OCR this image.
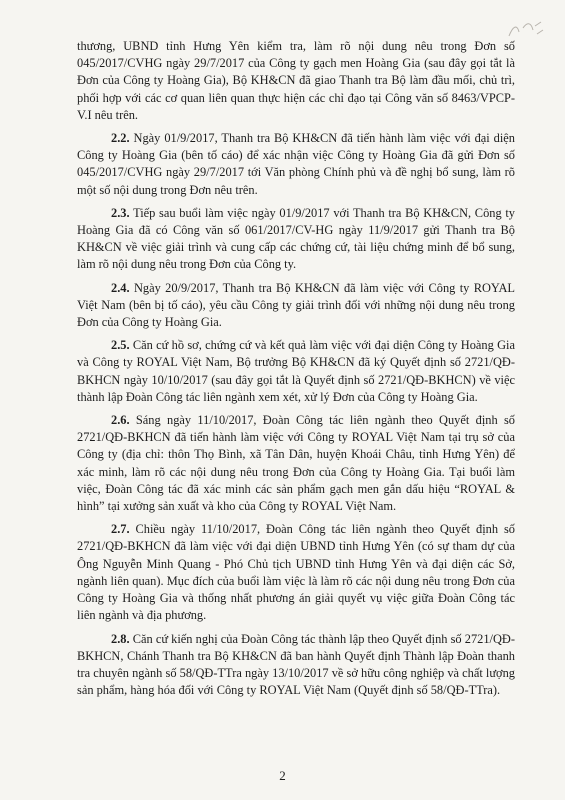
thương, UBND tỉnh Hưng Yên kiểm tra, làm rõ nội dung nêu trong Đơn số 045/2017/CVHG ngày 29/7/2017 của Công ty gạch men Hoàng Gia (sau đây gọi tắt là Đơn của Công ty Hoàng Gia), Bộ KH&CN đã giao Thanh tra Bộ làm đầu mối, chủ trì, phối hợp với các cơ quan liên quan thực hiện các chỉ đạo tại Công văn số 8463/VPCP-V.I nêu trên.

2.2. Ngày 01/9/2017, Thanh tra Bộ KH&CN đã tiến hành làm việc với đại diện Công ty Hoàng Gia (bên tố cáo) để xác nhận việc Công ty Hoàng Gia đã gửi Đơn số 045/2017/CVHG ngày 29/7/2017 tới Văn phòng Chính phủ và đề nghị bổ sung, làm rõ một số nội dung trong Đơn nêu trên.

2.3. Tiếp sau buổi làm việc ngày 01/9/2017 với Thanh tra Bộ KH&CN, Công ty Hoàng Gia đã có Công văn số 061/2017/CV-HG ngày 11/9/2017 gửi Thanh tra Bộ KH&CN về việc giải trình và cung cấp các chứng cứ, tài liệu chứng minh để bổ sung, làm rõ nội dung nêu trong Đơn của Công ty.

2.4. Ngày 20/9/2017, Thanh tra Bộ KH&CN đã làm việc với Công ty ROYAL Việt Nam (bên bị tố cáo), yêu cầu Công ty giải trình đối với những nội dung nêu trong Đơn của Công ty Hoàng Gia.

2.5. Căn cứ hồ sơ, chứng cứ và kết quả làm việc với đại diện Công ty Hoàng Gia và Công ty ROYAL Việt Nam, Bộ trưởng Bộ KH&CN đã ký Quyết định số 2721/QĐ-BKHCN ngày 10/10/2017 (sau đây gọi tắt là Quyết định số 2721/QĐ-BKHCN) về việc thành lập Đoàn Công tác liên ngành xem xét, xử lý Đơn của Công ty Hoàng Gia.

2.6. Sáng ngày 11/10/2017, Đoàn Công tác liên ngành theo Quyết định số 2721/QĐ-BKHCN đã tiến hành làm việc với Công ty ROYAL Việt Nam tại trụ sở của Công ty (địa chỉ: thôn Thọ Bình, xã Tân Dân, huyện Khoái Châu, tỉnh Hưng Yên) để xác minh, làm rõ các nội dung nêu trong Đơn của Công ty Hoàng Gia. Tại buổi làm việc, Đoàn Công tác đã xác minh các sản phẩm gạch men gắn dấu hiệu “ROYAL & hình” tại xưởng sản xuất và kho của Công ty ROYAL Việt Nam.

2.7. Chiều ngày 11/10/2017, Đoàn Công tác liên ngành theo Quyết định số 2721/QĐ-BKHCN đã làm việc với đại diện UBND tỉnh Hưng Yên (có sự tham dự của Ông Nguyễn Minh Quang - Phó Chủ tịch UBND tỉnh Hưng Yên và đại diện các Sở, ngành liên quan). Mục đích của buổi làm việc là làm rõ các nội dung nêu trong Đơn của Công ty Hoàng Gia và thống nhất phương án giải quyết vụ việc giữa Đoàn Công tác liên ngành và địa phương.

2.8. Căn cứ kiến nghị của Đoàn Công tác thành lập theo Quyết định số 2721/QĐ-BKHCN, Chánh Thanh tra Bộ KH&CN đã ban hành Quyết định Thành lập Đoàn thanh tra chuyên ngành số 58/QĐ-TTra ngày 13/10/2017 về sở hữu công nghiệp và chất lượng sản phẩm, hàng hóa đối với Công ty ROYAL Việt Nam (Quyết định số 58/QĐ-TTra).

2
